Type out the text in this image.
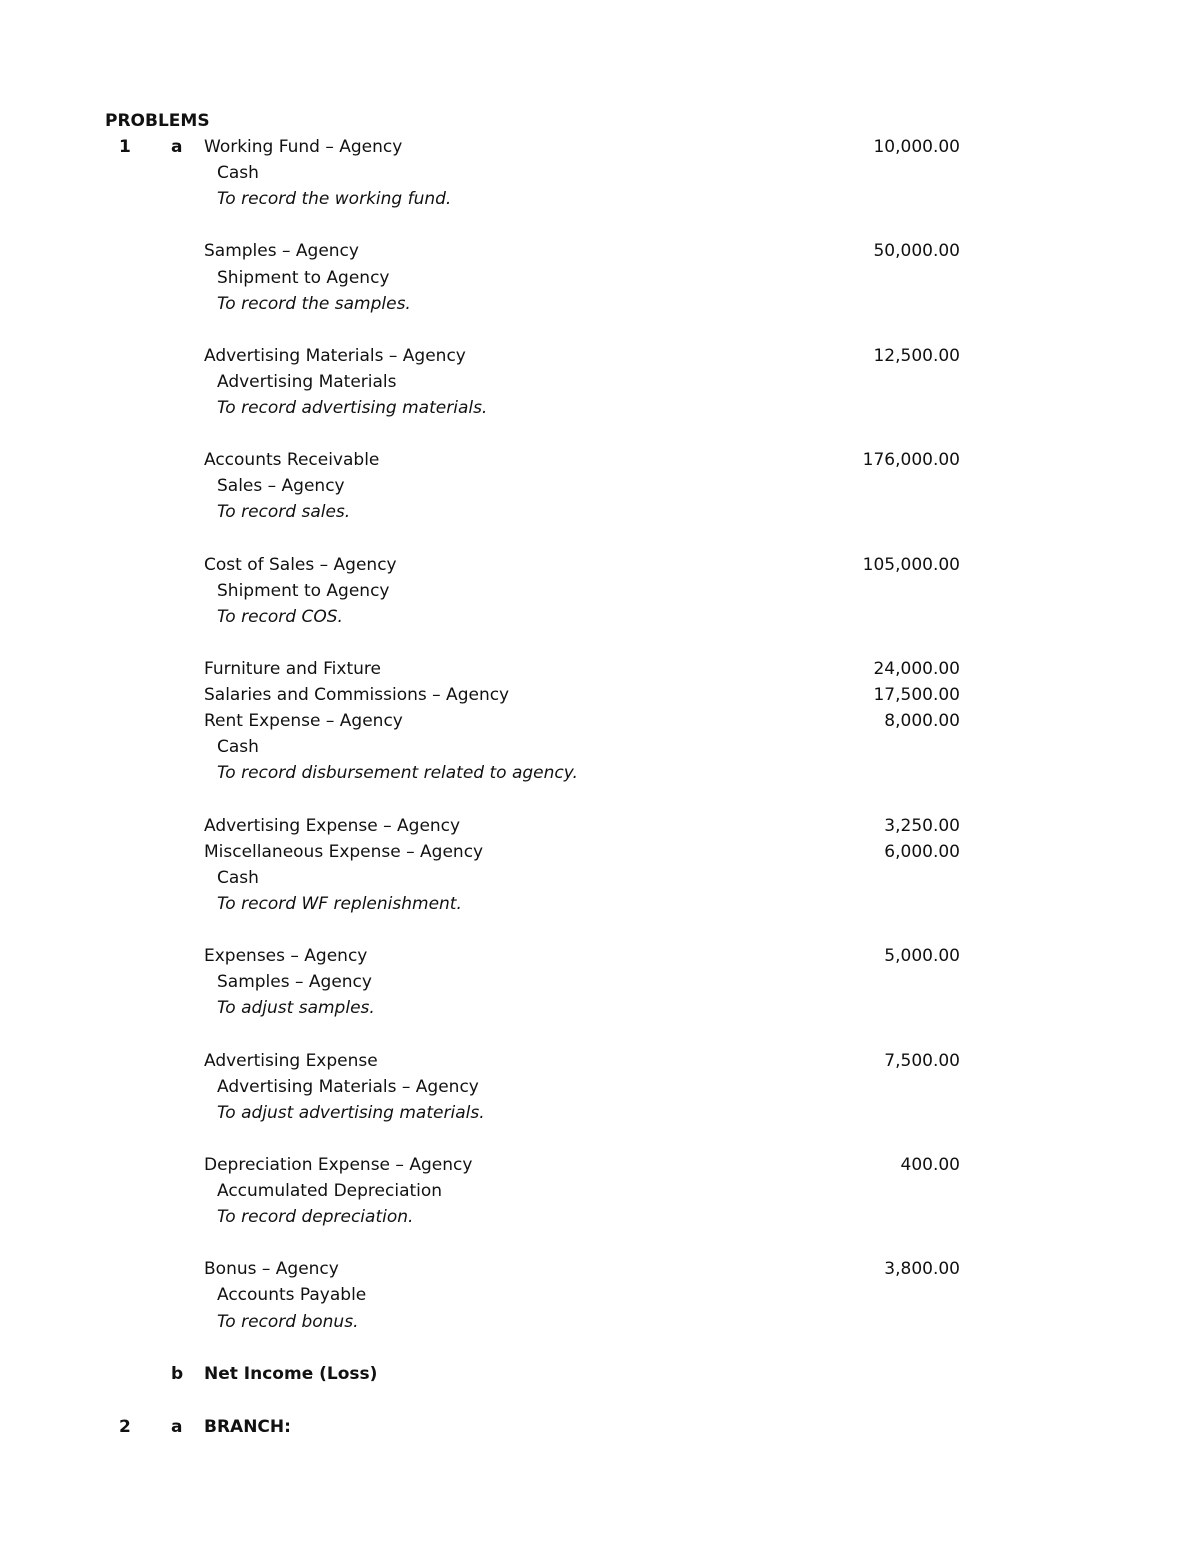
PROBLEMS
1 a Working Fund – Agency	10,000.00
Cash
To record the working fund.
Samples – Agency	50,000.00
Shipment to Agency
To record the samples.
Advertising Materials – Agency	12,500.00
Advertising Materials
To record advertising materials.
Accounts Receivable	176,000.00
Sales – Agency
To record sales.
Cost of Sales – Agency	105,000.00
Shipment to Agency
To record COS.
Furniture and Fixture	24,000.00
Salaries and Commissions – Agency	17,500.00
Rent Expense – Agency	8,000.00
Cash
To record disbursement related to agency.
Advertising Expense – Agency	3,250.00
Miscellaneous Expense – Agency	6,000.00
Cash
To record WF replenishment.
Expenses – Agency	5,000.00
Samples – Agency
To adjust samples.
Advertising Expense	7,500.00
Advertising Materials – Agency
To adjust advertising materials.
Depreciation Expense – Agency	400.00
Accumulated Depreciation
To record depreciation.
Bonus – Agency	3,800.00
Accounts Payable
To record bonus.
b Net Income (Loss)
2 a BRANCH:
